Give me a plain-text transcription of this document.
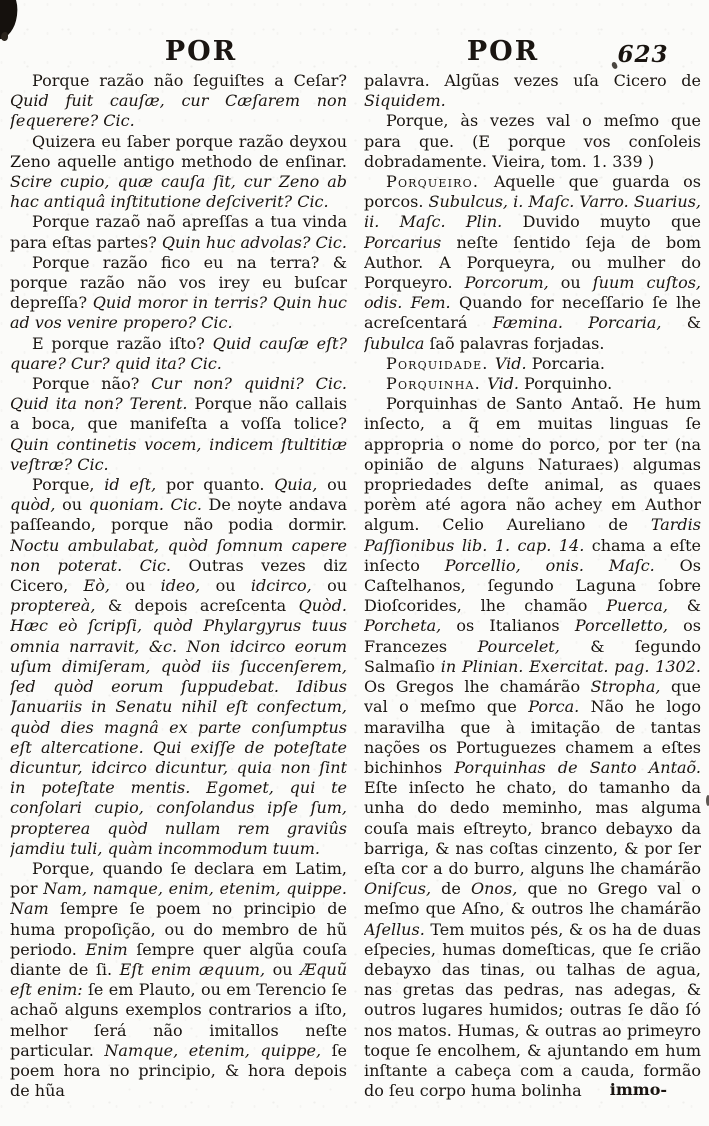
POR	POR	623

Porque razão não ſeguiſtes a Ceſar? Quid fuit cauſæ, cur Cæſarem non ſequerere? Cic.

Quizera eu ſaber porque razão deyxou Zeno aquelle antigo methodo de enſinar. Scire cupio, quæ cauſa ſit, cur Zeno ab hac antiquâ inſtitutione deſciverit? Cic.

Porque razaõ naõ apreſſas a tua vinda para eſtas partes? Quin huc advolas? Cic.

Porque razão fico eu na terra? & porque razão não vos irey eu buſcar depreſſa? Quid moror in terris? Quin huc ad vos venire propero? Cic.

E porque razão iſto? Quid cauſæ eſt? quare? Cur? quid ita? Cic.

Porque não? Cur non? quidni? Cic. Quid ita non? Terent. Porque não callais a boca, que manifeſta a voſſa tolice? Quin continetis vocem, indicem ſtultitiæ veſtræ? Cic.

Porque, id eſt, por quanto. Quia, ou quòd, ou quoniam. Cic. De noyte andava paſſeando, porque não podia dormir. Noctu ambulabat, quòd ſomnum capere non poterat. Cic. Outras vezes diz Cicero, Eò, ou ideo, ou idcirco, ou proptereà, & depois acreſcenta Quòd. Hæc eò ſcripſi, quòd Phylargyrus tuus omnia narravit, &c. Non idcirco eorum uſum dimiſeram, quòd iis ſuccenſerem, ſed quòd eorum ſuppudebat. Idibus Januariis in Senatu nihil eſt confectum, quòd dies magnâ ex parte conſumptus eſt altercatione. Qui exiſſe de poteſtate dicuntur, idcirco dicuntur, quia non ſint in poteſtate mentis. Egomet, qui te conſolari cupio, conſolandus ipſe ſum, propterea quòd nullam rem graviûs jamdiu tuli, quàm incommodum tuum.

Porque, quando ſe declara em Latim, por Nam, namque, enim, etenim, quippe. Nam ſempre ſe poem no principio de huma propoſição, ou do membro de hũ periodo. Enim ſempre quer algũa couſa diante de ſi. Eſt enim æquum, ou Æquũ eſt enim: ſe em Plauto, ou em Terencio ſe achaõ alguns exemplos contrarios a iſto, melhor ſerá não imitallos neſte particular. Namque, etenim, quippe, ſe poem hora no principio, & hora depois de hũa

palavra. Algũas vezes uſa Cicero de Siquidem.

Porque, às vezes val o meſmo que para que. (E porque vos conſoleis dobradamente. Vieira, tom. 1. 339 )

Porqueiro. Aquelle que guarda os porcos. Subulcus, i. Maſc. Varro. Suarius, ii. Maſc. Plin. Duvido muyto que Porcarius neſte ſentido ſeja de bom Author. A Porqueyra, ou mulher do Porqueyro. Porcorum, ou ſuum cuſtos, odis. Fem. Quando for neceſſario ſe lhe acreſcentará Fæmina. Porcaria, & ſubulca ſaõ palavras forjadas.

Porquidade. Vid. Porcaria.

Porquinha. Vid. Porquinho.

Porquinhas de Santo Antaõ. He hum inſecto, a q̃ em muitas linguas ſe appropria o nome do porco, por ter (na opinião de alguns Naturaes) algumas propriedades deſte animal, as quaes porèm até agora não achey em Author algum. Celio Aureliano de Tardis Paſſionibus lib. 1. cap. 14. chama a eſte inſecto Porcellio, onis. Maſc. Os Caſtelhanos, ſegundo Laguna ſobre Dioſcorides, lhe chamão Puerca, & Porcheta, os Italianos Porcelletto, os Francezes Pourcelet, & ſegundo Salmaſio in Plinian. Exercitat. pag. 1302. Os Gregos lhe chamárão Stropha, que val o meſmo que Porca. Não he logo maravilha que à imitação de tantas nações os Portuguezes chamem a eſtes bichinhos Porquinhas de Santo Antaõ. Eſte inſecto he chato, do tamanho da unha do dedo meminho, mas alguma couſa mais eſtreyto, branco debayxo da barriga, & nas coſtas cinzento, & por ſer eſta cor a do burro, alguns lhe chamárão Oniſcus, de Onos, que no Grego val o meſmo que Aſno, & outros lhe chamárão Aſellus. Tem muitos pés, & os ha de duas eſpecies, humas domeſticas, que ſe crião debayxo das tinas, ou talhas de agua, nas gretas das pedras, nas adegas, & outros lugares humidos; outras ſe dão ſó nos matos. Humas, & outras ao primeyro toque ſe encolhem, & ajuntando em hum inſtante a cabeça com a cauda, formão do ſeu corpo huma bolinha	immo-
